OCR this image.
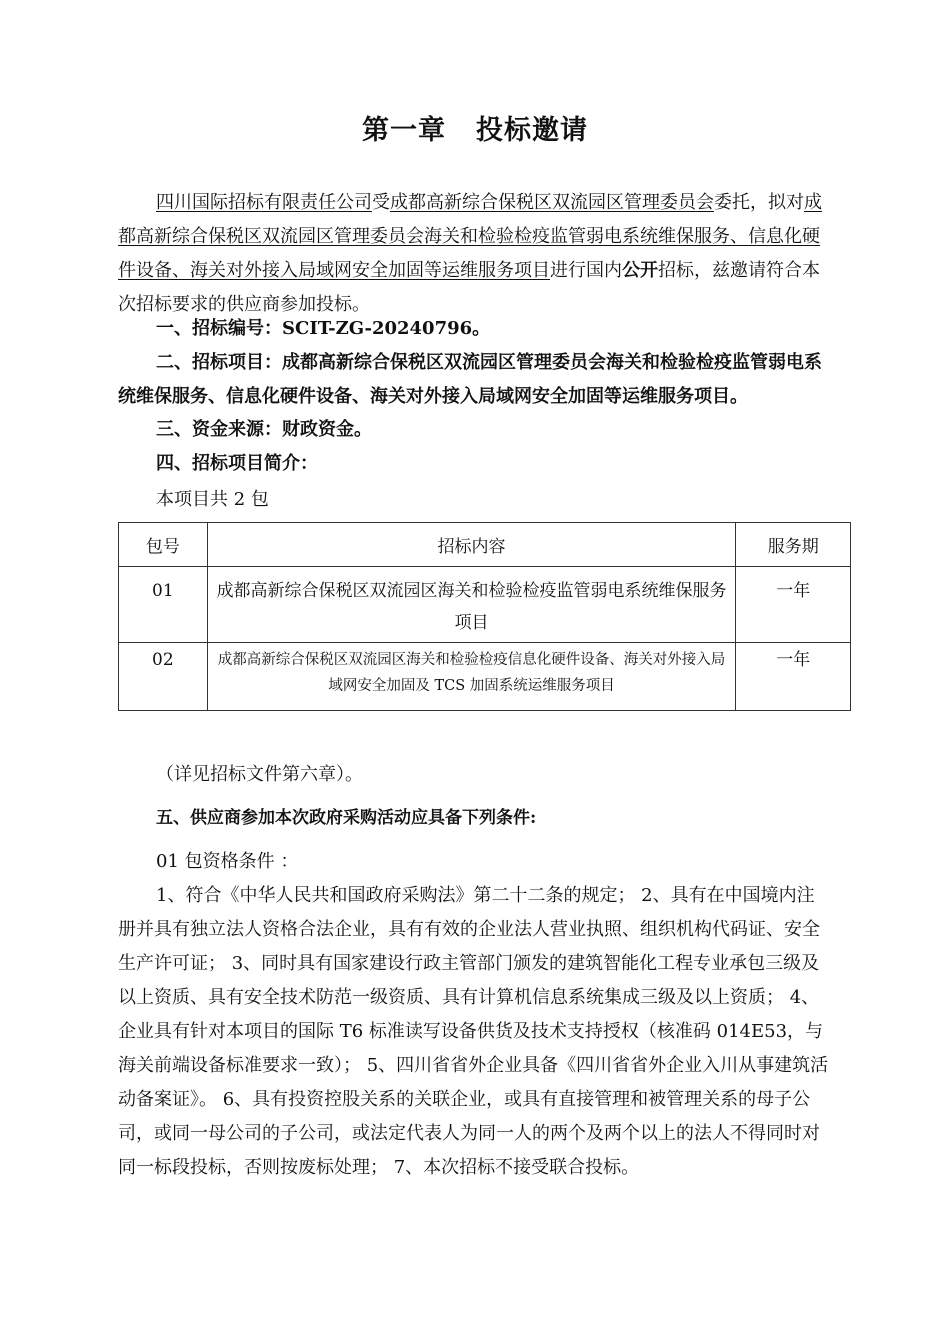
第一章 投标邀请
四川国际招标有限责任公司受成都高新综合保税区双流园区管理委员会委托，拟对成都高新综合保税区双流园区管理委员会海关和检验检疫监管弱电系统维保服务、信息化硬件设备、海关对外接入局域网安全加固等运维服务项目进行国内公开招标，兹邀请符合本次招标要求的供应商参加投标。
一、招标编号：SCIT-ZG-20240796。
二、招标项目：成都高新综合保税区双流园区管理委员会海关和检验检疫监管弱电系统维保服务、信息化硬件设备、海关对外接入局域网安全加固等运维服务项目。
三、资金来源：财政资金。
四、招标项目简介：
本项目共 2 包
包号	招标内容	服务期

01	成都高新综合保税区双流园区海关和检验检疫监管弱电系统维保服务项目	一年

02	成都高新综合保税区双流园区海关和检验检疫信息化硬件设备、海关对外接入局域网安全加固及 TCS 加固系统运维服务项目	一年
（详见招标文件第六章）。
五、供应商参加本次政府采购活动应具备下列条件:
01 包资格条件 ：
1、符合《中华人民共和国政府采购法》第二十二条的规定； 2、具有在中国境内注册并具有独立法人资格合法企业，具有有效的企业法人营业执照、组织机构代码证、安全生产许可证； 3、同时具有国家建设行政主管部门颁发的建筑智能化工程专业承包三级及以上资质、具有安全技术防范一级资质、具有计算机信息系统集成三级及以上资质； 4、企业具有针对本项目的国际 T6 标准读写设备供货及技术支持授权（核准码 014E53，与海关前端设备标准要求一致）； 5、四川省省外企业具备《四川省省外企业入川从事建筑活动备案证》。 6、具有投资控股关系的关联企业，或具有直接管理和被管理关系的母子公司，或同一母公司的子公司，或法定代表人为同一人的两个及两个以上的法人不得同时对同一标段投标，否则按废标处理； 7、本次招标不接受联合投标。
